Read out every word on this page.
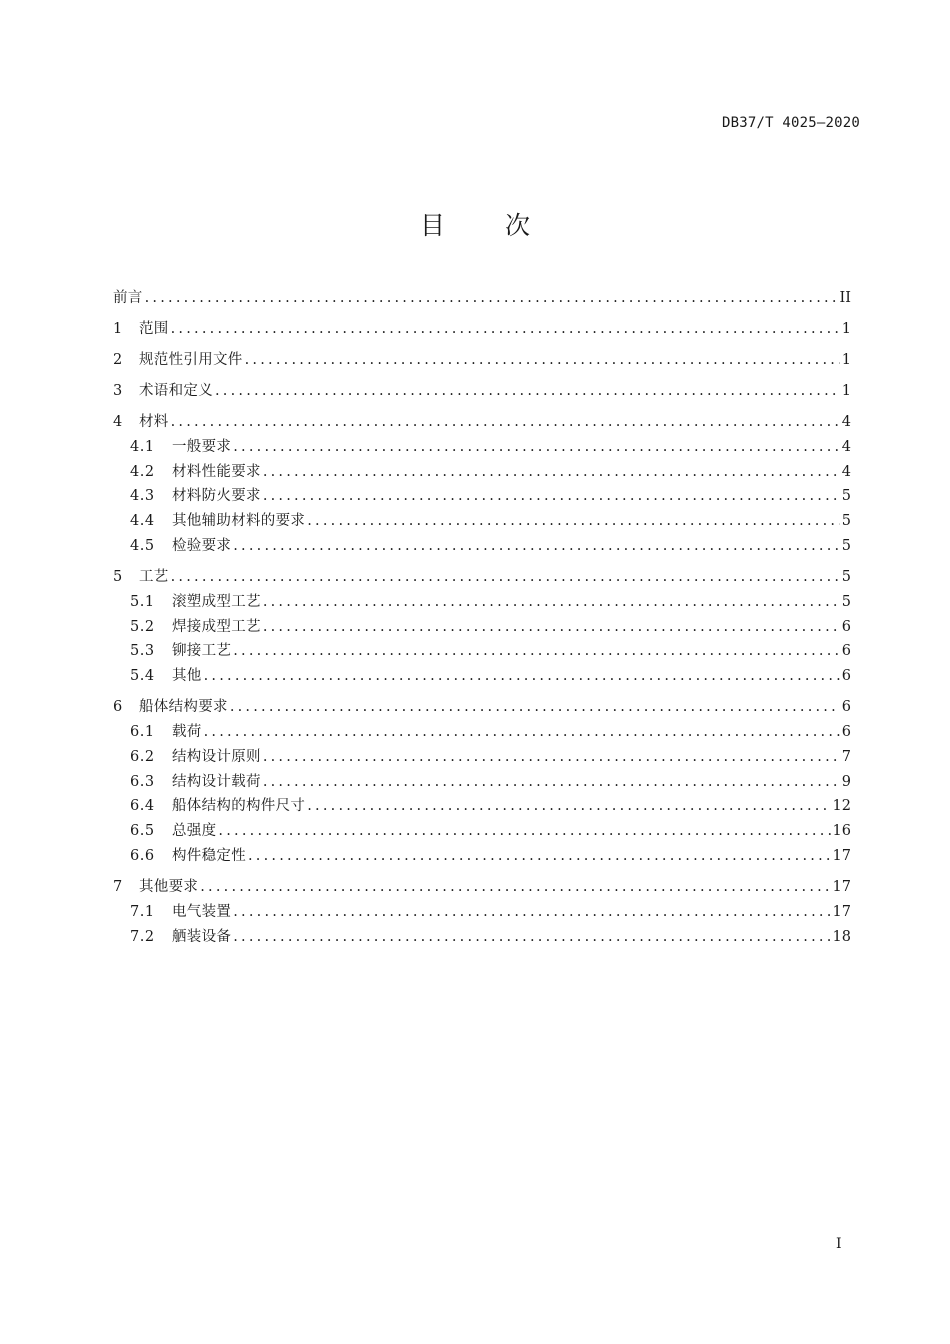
DB37/T 4025—2020
目 次
前言 .....	II
1	范围 .....	1
2	规范性引用文件 .....	1
3	术语和定义 .....	1
4	材料 .....	4
4.1	一般要求 .....	4
4.2	材料性能要求 .....	4
4.3	材料防火要求 .....	5
4.4	其他辅助材料的要求 .....	5
4.5	检验要求 .....	5
5	工艺 .....	5
5.1	滚塑成型工艺 .....	5
5.2	焊接成型工艺 .....	6
5.3	铆接工艺 .....	6
5.4	其他 .....	6
6	船体结构要求 .....	6
6.1	载荷 .....	6
6.2	结构设计原则 .....	7
6.3	结构设计载荷 .....	9
6.4	船体结构的构件尺寸 .....	12
6.5	总强度 .....	16
6.6	构件稳定性 .....	17
7	其他要求 .....	17
7.1	电气装置 .....	17
7.2	舾装设备 .....	18
I
